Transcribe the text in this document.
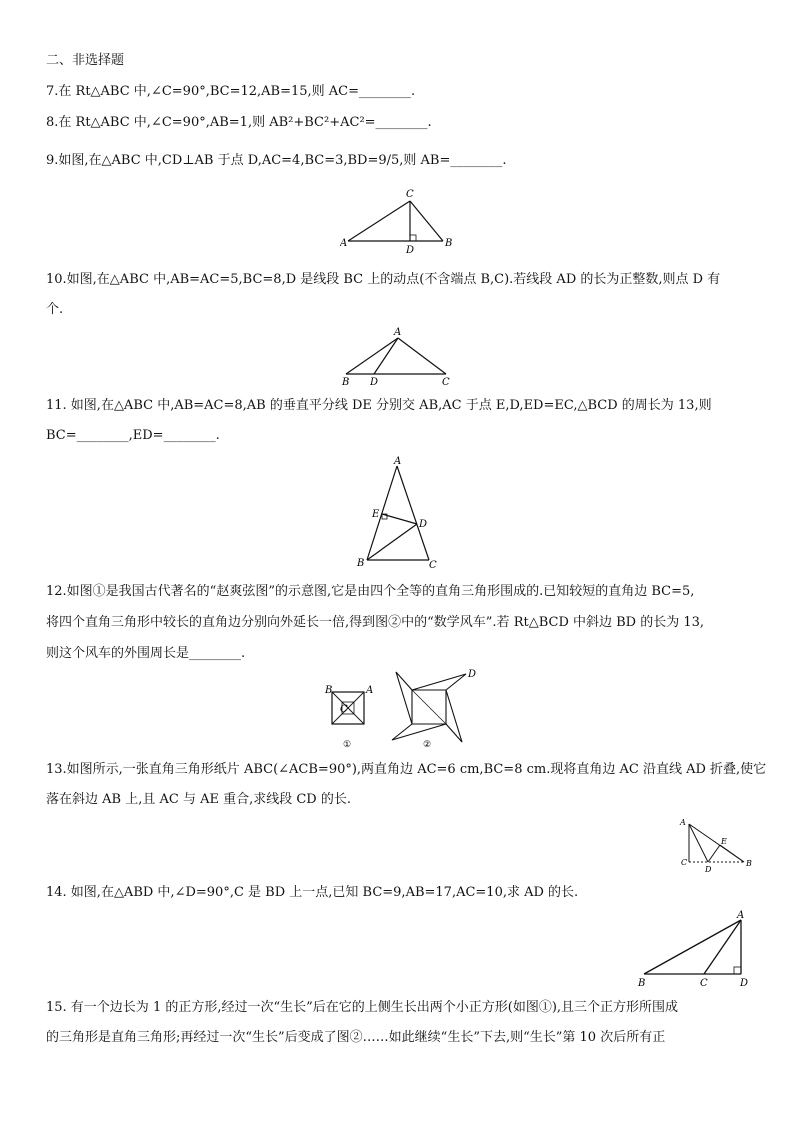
二、非选择题
7.在 Rt△ABC 中,∠C=90°,BC=12,AB=15,则 AC=________.
8.在 Rt△ABC 中,∠C=90°,AB=1,则 AB²+BC²+AC²=________.
9.如图,在△ABC 中,CD⊥AB 于点 D,AC=4,BC=3,BD=9/5,则 AB=________.
C
A
D
B
10.如图,在△ABC 中,AB=AC=5,BC=8,D 是线段 BC 上的动点(不含端点 B,C).若线段 AD 的长为正整数,则点 D 有
个.
A
B D	C
11. 如图,在△ABC 中,AB=AC=8,AB 的垂直平分线 DE 分别交 AB,AC 于点 E,D,ED=EC,△BCD 的周长为 13,则
BC=________,ED=________.
A
E
D
B	C
12.如图①是我国古代著名的“赵爽弦图”的示意图,它是由四个全等的直角三角形围成的.已知较短的直角边 BC=5,
将四个直角三角形中较长的直角边分别向外延长一倍,得到图②中的“数学风车”.若 Rt△BCD 中斜边 BD 的长为 13,
则这个风车的外围周长是________.
B	A
C
①
D
②
13.如图所示,一张直角三角形纸片 ABC(∠ACB=90°),两直角边 AC=6 cm,BC=8 cm.现将直角边 AC 沿直线 AD 折叠,使它
落在斜边 AB 上,且 AC 与 AE 重合,求线段 CD 的长.
A
E
C
D
B
14. 如图,在△ABD 中,∠D=90°,C 是 BD 上一点,已知 BC=9,AB=17,AC=10,求 AD 的长.
A
B	C	D
15. 有一个边长为 1 的正方形,经过一次“生长”后在它的上侧生长出两个小正方形(如图①),且三个正方形所围成
的三角形是直角三角形;再经过一次“生长”后变成了图②……如此继续“生长”下去,则“生长”第 10 次后所有正
